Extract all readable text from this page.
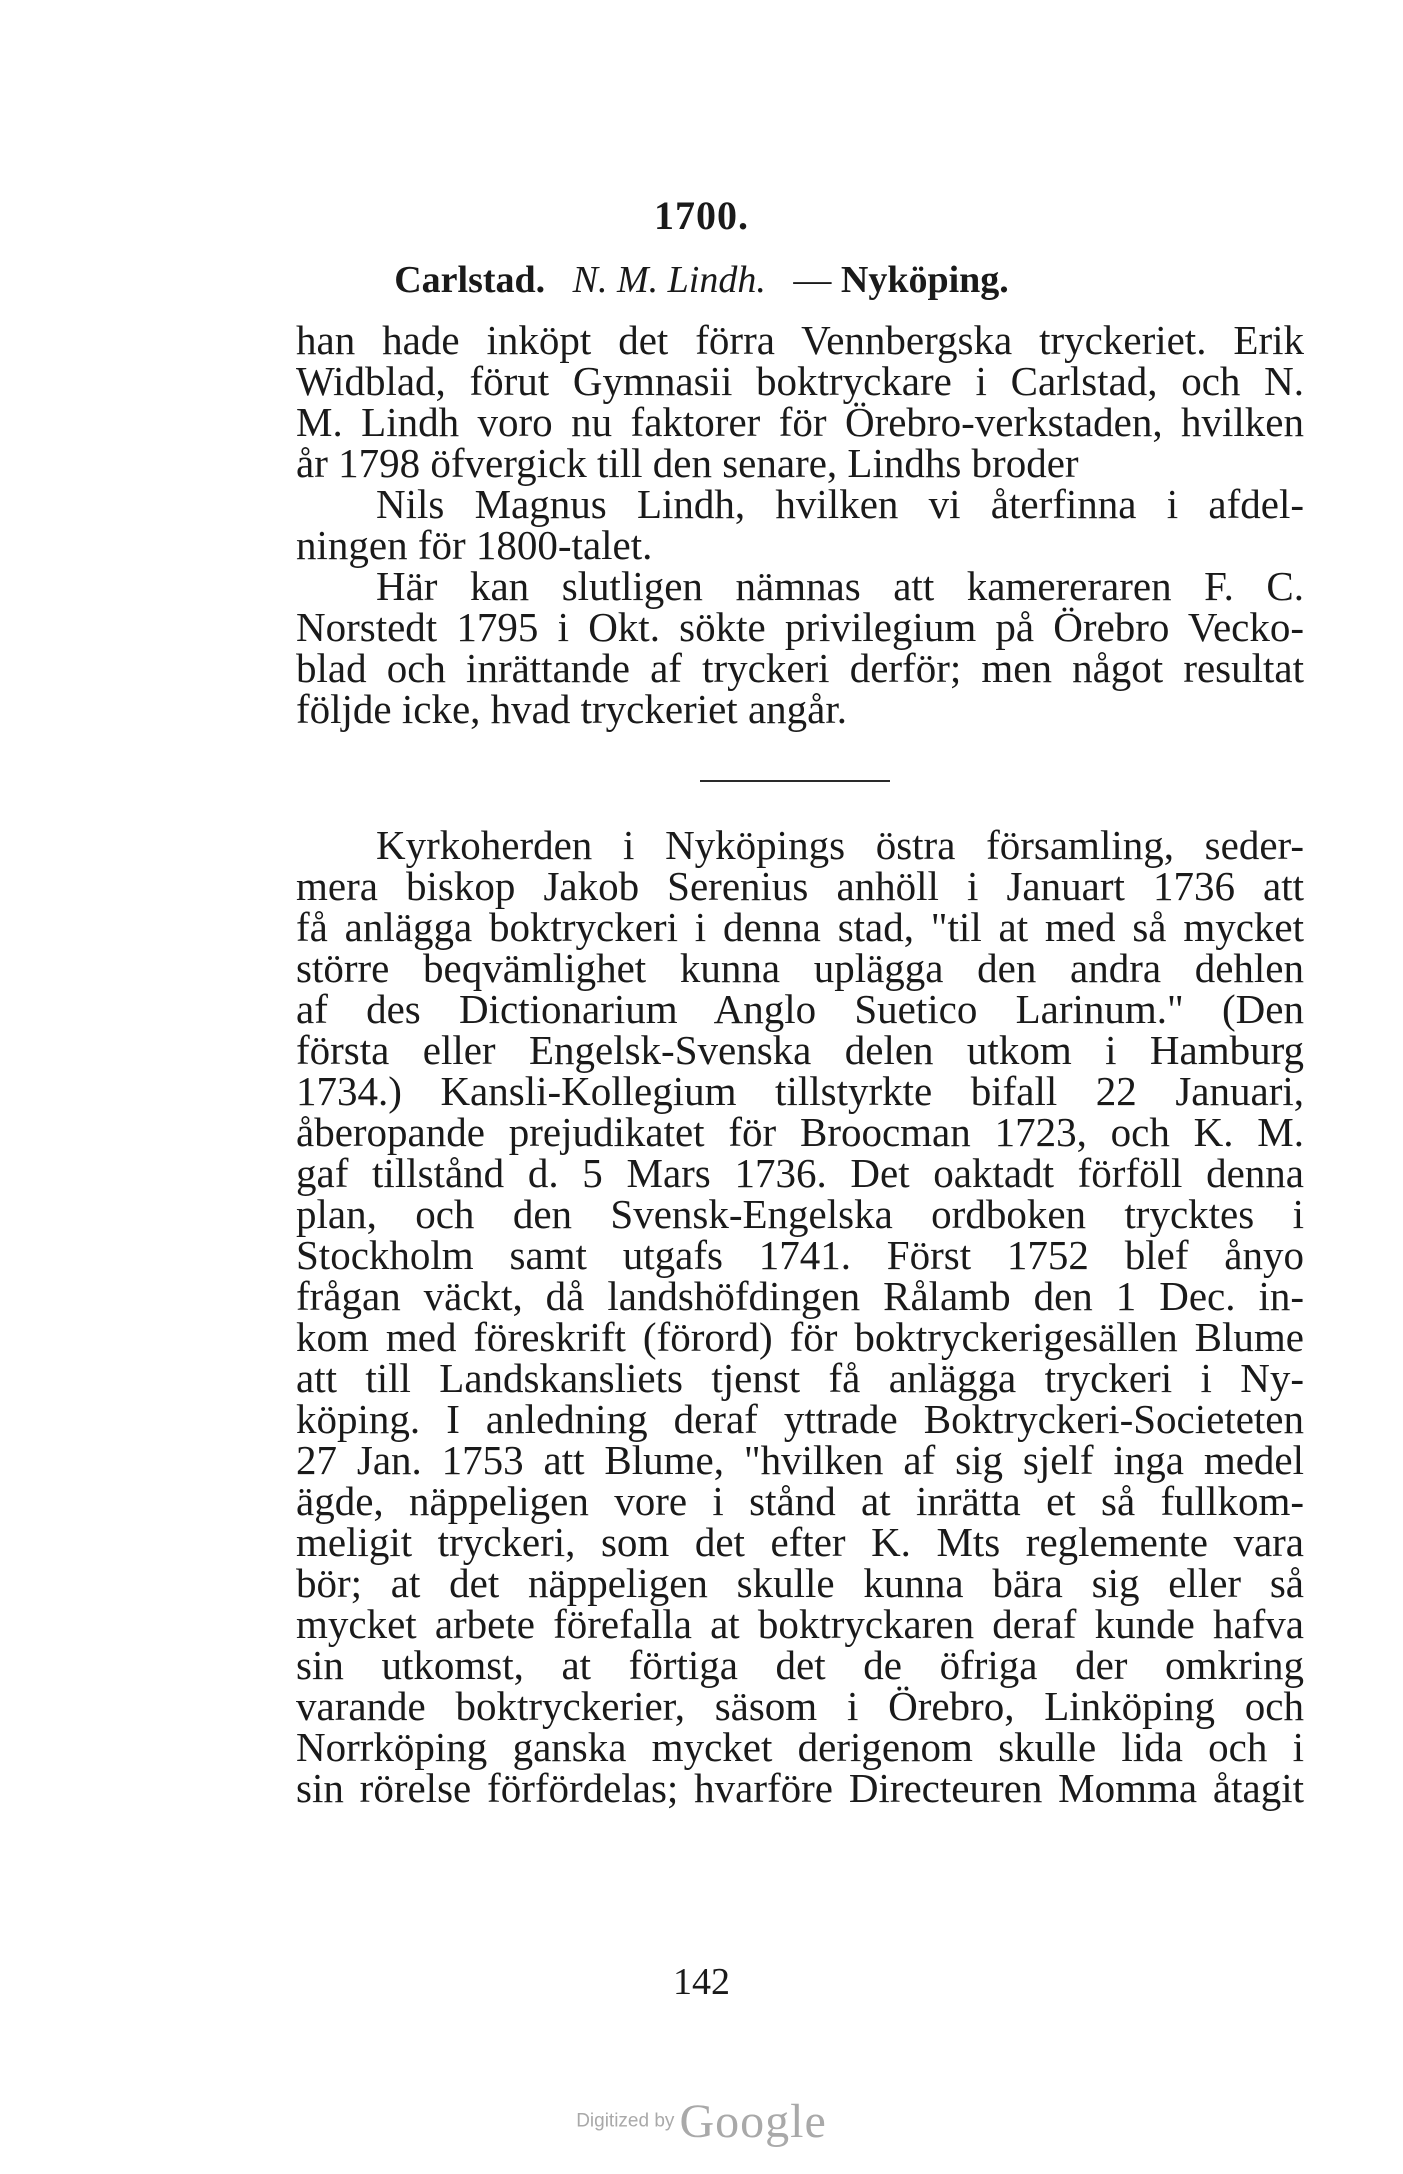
1700.
Carlstad. N. M. Lindh. — Nyköping.
han hade inköpt det förra Vennbergska tryckeriet. Erik
Widblad, förut Gymnasii boktryckare i Carlstad, och N.
M. Lindh voro nu faktorer för Örebro-verkstaden, hvilken
år 1798 öfvergick till den senare, Lindhs broder
Nils Magnus Lindh, hvilken vi återfinna i afdel-
ningen för 1800-talet.
Här kan slutligen nämnas att kamereraren F. C.
Norstedt 1795 i Okt. sökte privilegium på Örebro Vecko-
blad och inrättande af tryckeri derför; men något resultat
följde icke, hvad tryckeriet angår.
Kyrkoherden i Nyköpings östra församling, seder-
mera biskop Jakob Serenius anhöll i Januart 1736 att
få anlägga boktryckeri i denna stad, "til at med så mycket
större beqvämlighet kunna uplägga den andra dehlen
af des Dictionarium Anglo Suetico Larinum." (Den
första eller Engelsk-Svenska delen utkom i Hamburg
1734.) Kansli-Kollegium tillstyrkte bifall 22 Januari,
åberopande prejudikatet för Broocman 1723, och K. M.
gaf tillstånd d. 5 Mars 1736. Det oaktadt förföll denna
plan, och den Svensk-Engelska ordboken trycktes i
Stockholm samt utgafs 1741. Först 1752 blef ånyo
frågan väckt, då landshöfdingen Rålamb den 1 Dec. in-
kom med föreskrift (förord) för boktryckerigesällen Blume
att till Landskansliets tjenst få anlägga tryckeri i Ny-
köping. I anledning deraf yttrade Boktryckeri-Societeten
27 Jan. 1753 att Blume, "hvilken af sig sjelf inga medel
ägde, näppeligen vore i stånd at inrätta et så fullkom-
meligit tryckeri, som det efter K. Mts reglemente vara
bör; at det näppeligen skulle kunna bära sig eller så
mycket arbete förefalla at boktryckaren deraf kunde hafva
sin utkomst, at förtiga det de öfriga der omkring
varande boktryckerier, säsom i Örebro, Linköping och
Norrköping ganska mycket derigenom skulle lida och i
sin rörelse förfördelas; hvarföre Directeuren Momma åtagit
142
Digitized by Google
